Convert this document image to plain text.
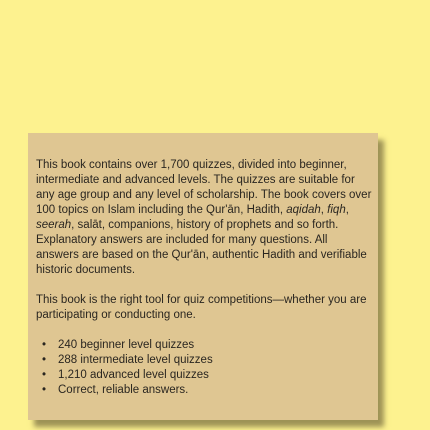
This book contains over 1,700 quizzes, divided into beginner, intermediate and advanced levels. The quizzes are suitable for any age group and any level of scholarship. The book covers over 100 topics on Islam including the Qur'ān, Hadith, aqidah, fiqh, seerah, salāt, companions, history of prophets and so forth. Explanatory answers are included for many questions. All answers are based on the Qur'ān, authentic Hadith and verifiable historic documents.

This book is the right tool for quiz competitions—whether you are participating or conducting one.

• 240 beginner level quizzes
• 288 intermediate level quizzes
• 1,210 advanced level quizzes
• Correct, reliable answers.
